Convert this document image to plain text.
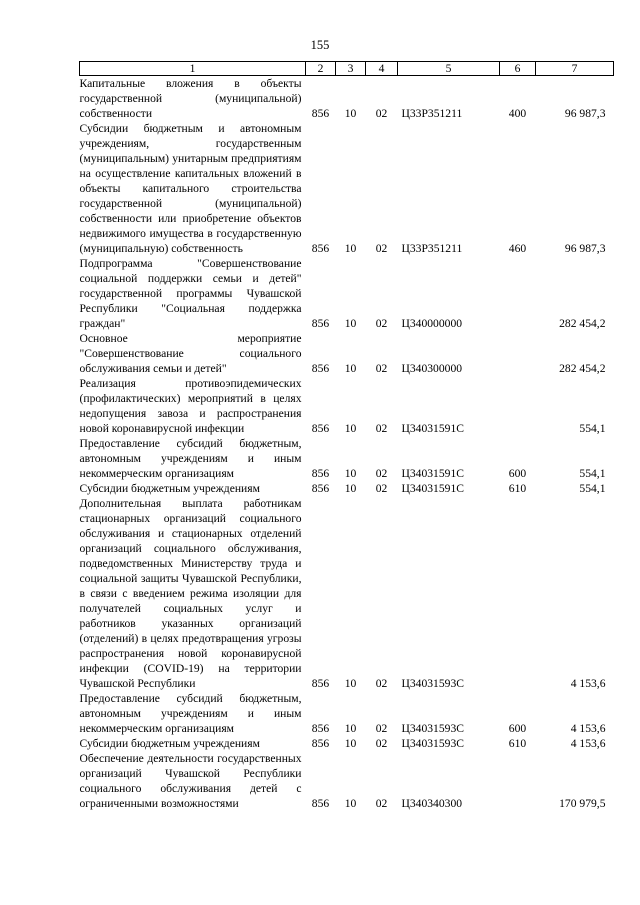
155
1	2	3	4	5	6	7
Капитальные вложения в объекты государственной (муниципальной) собственности	856	10	02	Ц33Р351211	400	96 987,3
Субсидии бюджетным и автономным учреждениям, государственным (муниципальным) унитарным предприятиям на осуществление капитальных вложений в объекты капитального строительства государственной (муниципальной) собственности или приобретение объектов недвижимого имущества в государственную (муниципальную) собственность	856	10	02	Ц33Р351211	460	96 987,3
Подпрограмма "Совершенствование социальной поддержки семьи и детей" государственной программы Чувашской Республики "Социальная поддержка граждан"	856	10	02	Ц340000000		282 454,2
Основное мероприятие "Совершенствование социального обслуживания семьи и детей"	856	10	02	Ц340300000		282 454,2
Реализация противоэпидемических (профилактических) мероприятий в целях недопущения завоза и распространения новой коронавирусной инфекции	856	10	02	Ц34031591С		554,1
Предоставление субсидий бюджетным, автономным учреждениям и иным некоммерческим организациям	856	10	02	Ц34031591С	600	554,1
Субсидии бюджетным учреждениям	856	10	02	Ц34031591С	610	554,1
Дополнительная выплата работникам стационарных организаций социального обслуживания и стационарных отделений организаций социального обслуживания, подведомственных Министерству труда и социальной защиты Чувашской Республики, в связи с введением режима изоляции для получателей социальных услуг и работников указанных организаций (отделений) в целях предотвращения угрозы распространения новой коронавирусной инфекции (COVID-19) на территории Чувашской Республики	856	10	02	Ц34031593С		4 153,6
Предоставление субсидий бюджетным, автономным учреждениям и иным некоммерческим организациям	856	10	02	Ц34031593С	600	4 153,6
Субсидии бюджетным учреждениям	856	10	02	Ц34031593С	610	4 153,6
Обеспечение деятельности государственных организаций Чувашской Республики социального обслуживания детей с ограниченными возможностями	856	10	02	Ц340340300		170 979,5
